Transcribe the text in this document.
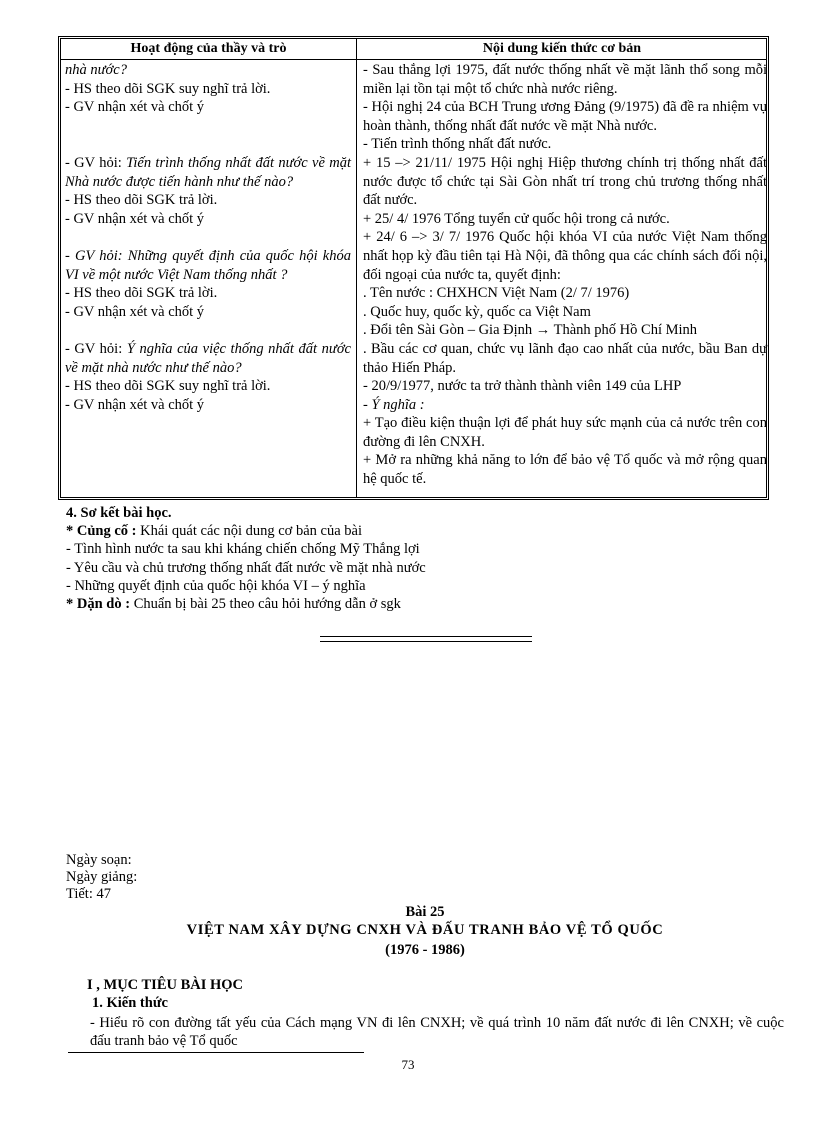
Hoạt động của thầy và trò	Nội dung kiến thức cơ bản

nhà nước?

- HS theo dõi SGK suy nghĩ trả lời.

- GV nhận xét và chốt ý

- GV hỏi: Tiến trình thống nhất đất nước về mặt Nhà nước được tiến hành như thế nào?

- HS theo dõi SGK trả lời.

- GV nhận xét và chốt ý

- GV hỏi: Những quyết định của quốc hội khóa VI về một nước Việt Nam thống nhất ?

- HS theo dõi SGK trả lời.

- GV nhận xét và chốt ý

- GV hỏi: Ý nghĩa của việc thống nhất đất nước về mặt nhà nước như thế nào?

- HS theo dõi SGK suy nghĩ trả lời.

- GV nhận xét và chốt ý

- Sau thắng lợi 1975, đất nước thống nhất về mặt lãnh thổ song mỗi miền lại tồn tại một tổ chức nhà nước riêng.

- Hội nghị 24 của BCH Trung ương Đảng (9/1975) đã đề ra nhiệm vụ hoàn thành, thống nhất đất nước về mặt Nhà nước.

- Tiến trình thống nhất đất nước.

+ 15 –> 21/11/ 1975 Hội nghị Hiệp thương chính trị thống nhất đất nước được tổ chức tại Sài Gòn nhất trí trong chủ trương thống nhất đất nước.

+ 25/ 4/ 1976 Tổng tuyển cử quốc hội trong cả nước.

+ 24/ 6 –> 3/ 7/ 1976 Quốc hội khóa VI của nước Việt Nam thống nhất họp kỳ đầu tiên tại Hà Nội, đã thông qua các chính sách đối nội, đối ngoại của nước ta, quyết định:

. Tên nước : CHXHCN Việt Nam (2/ 7/ 1976)

. Quốc huy, quốc kỳ, quốc ca Việt Nam

. Đổi tên Sài Gòn – Gia Định → Thành phố Hồ Chí Minh

. Bầu các cơ quan, chức vụ lãnh đạo cao nhất của nước, bầu Ban dự thảo Hiến Pháp.

- 20/9/1977, nước ta trở thành thành viên 149 của LHP

- Ý nghĩa :

+ Tạo điều kiện thuận lợi để phát huy sức mạnh của cả nước trên con đường đi lên CNXH.

+ Mở ra những khả năng to lớn để bảo vệ Tổ quốc và mở rộng quan hệ quốc tế.

4. Sơ kết bài học.

* Củng cố : Khái quát các nội dung cơ bản của bài

- Tình hình nước ta sau khi kháng chiến chống Mỹ Thắng lợi

- Yêu cầu và chủ trương thống nhất đất nước về mặt nhà nước

- Những quyết định của quốc hội khóa VI – ý nghĩa

* Dặn dò : Chuẩn bị bài 25 theo câu hỏi hướng dẫn ở sgk

Ngày soạn:

Ngày giảng:

Tiết: 47

Bài 25
VIỆT NAM XÂY DỰNG CNXH VÀ ĐẤU TRANH BẢO VỆ TỔ QUỐC
(1976 - 1986)
I , MỤC TIÊU BÀI HỌC
1. Kiến thức

- Hiểu rõ con đường tất yếu của Cách mạng VN đi lên CNXH; về quá trình 10 năm đất nước đi lên CNXH; về cuộc đấu tranh bảo vệ Tổ quốc

73
